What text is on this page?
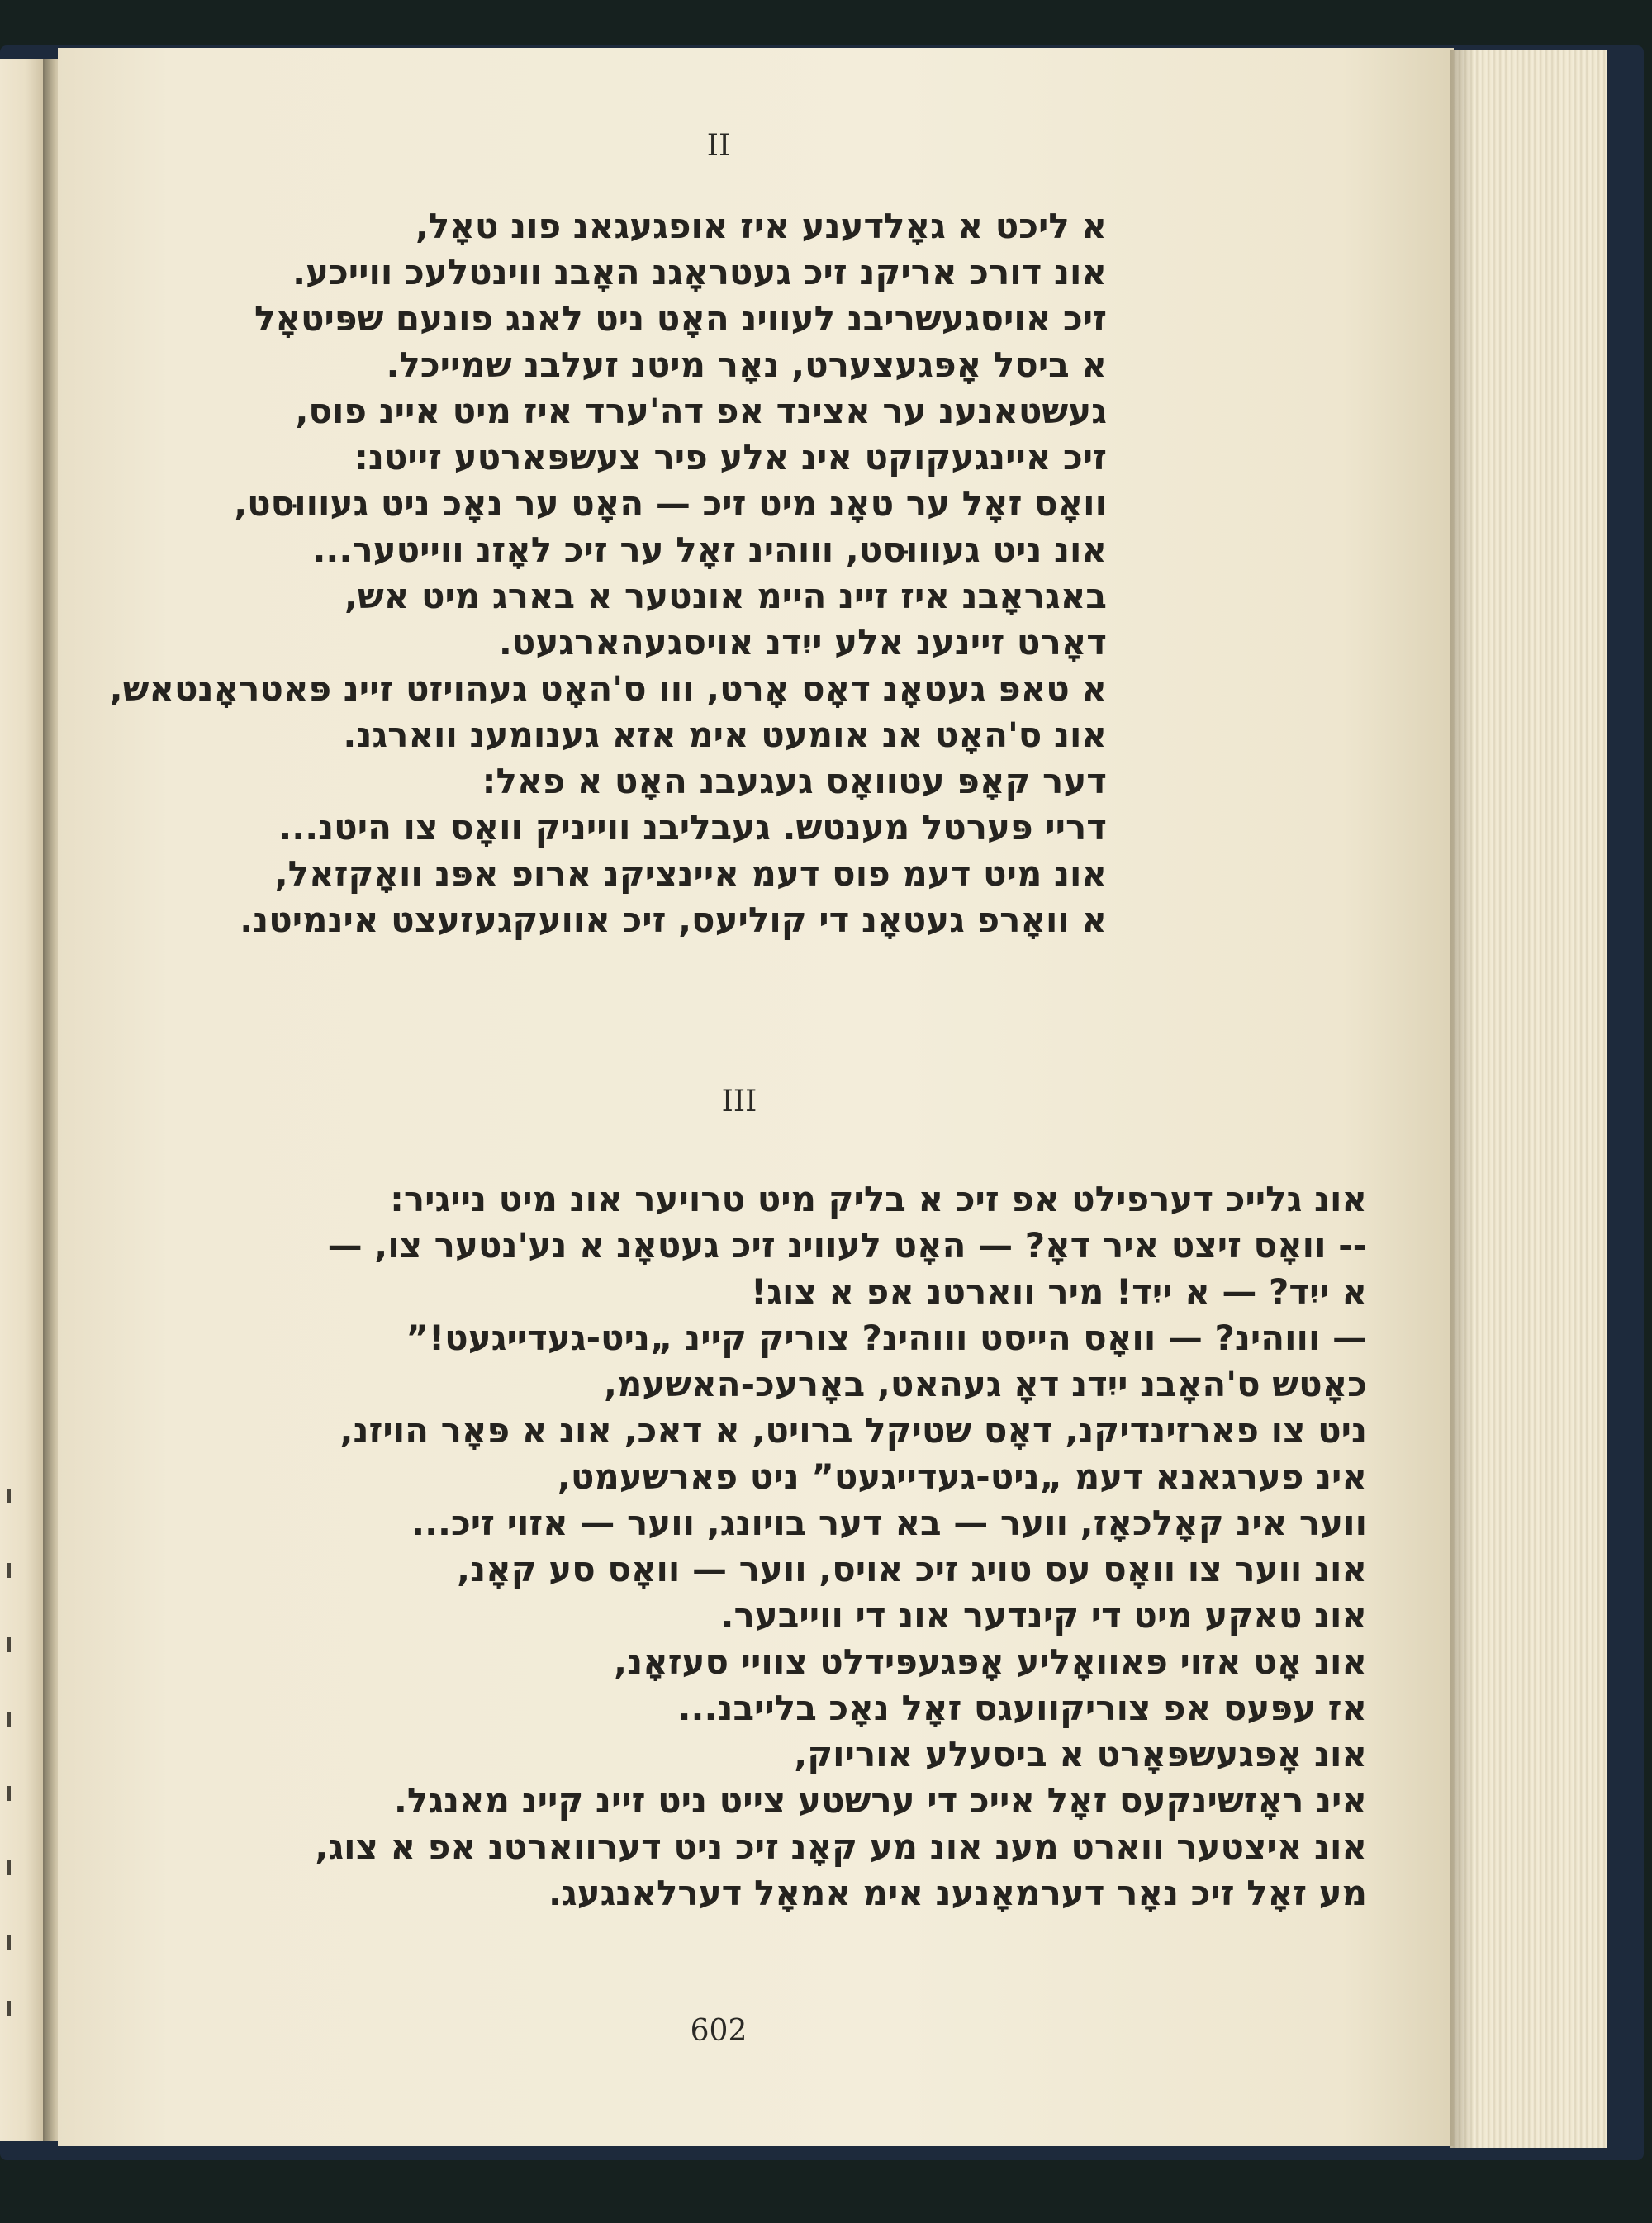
II
א ליכט א גאָלדענע איז אופגעגאנ פונ טאָל,
אונ דורכ אריקנ זיכ געטראָגנ האָבנ ווינטלעכ ווייכע.
זיכ אויסגעשריבנ לעווינ האָט ניט לאנג פונעם שפּיטאָל
א ביסל אָפּגעצערט, נאָר מיטנ זעלבנ שמייכל.
געשטאנענ ער אצינד אפ דה'ערד איז מיט איינ פוס,
זיכ איינגעקוקט אינ אלע פיר צעשפּארטע זייטנ:
וואָס זאָל ער טאָנ מיט זיכ — האָט ער נאָכ ניט געוווּסט,
אונ ניט געוווּסט, וווהינ זאָל ער זיכ לאָזנ ווייטער...
באגראָבנ איז זיינ היימ אונטער א בארג מיט אש,
דאָרט זיינענ אלע ייִדנ אויסגעהארגעט.
א טאפּ געטאָנ דאָס אָרט, ווו ס'האָט געהויזט זיינ פּאטראָנטאש,
אונ ס'האָט אנ אומעט אימ אזא גענומענ ווארגנ.
דער קאָפּ עטוואָס געגעבנ האָט א פאל:
דריי פּערטל מענטש. געבליבנ ווייניק וואָס צו היטנ...
אונ מיט דעמ פוס דעמ איינציקנ ארופ אפּנ וואָקזאל,
א וואָרפ געטאָנ די קוליעס, זיכ אוועקגעזעצט אינמיטנ.
III
אונ גלייכ דערפילט אפ זיכ א בליק מיט טרויער אונ מיט נייגיר:
-- וואָס זיצט איר דאָ? — האָט לעווינ זיכ געטאָנ א נע'נטער צו, —
א ייִד? — א ייִד! מיר ווארטנ אפ א צוג!
— וווהינ? — וואָס הייסט וווהינ? צוריק קיינ „ניט-געדייגעט!”
כאָטש ס'האָבנ ייִדנ דאָ געהאט, באָרעכ-האשעמ,
ניט צו פארזינדיקנ, דאָס שטיקל ברויט, א דאכ, אונ א פּאָר הויזנ,
אינ פערגאנא דעמ „ניט-געדייגעט” ניט פארשעמט,
ווער אינ קאָלכאָז, ווער — בא דער בויונג, ווער — אזוי זיכ...
אונ ווער צו וואָס עס טויג זיכ אויס, ווער — וואָס סע קאָנ,
אונ טאקע מיט די קינדער אונ די ווייבער.
אונ אָט אזוי פּאוואָליע אָפּגעפּידלט צוויי סעזאָנ,
אז עפּעס אפ צוריקוועגס זאָל נאָכ בלייבנ...
אונ אָפּגעשפּאָרט א ביסעלע אוריוק,
אינ ראָזשינקעס זאָל אייכ די ערשטע צייט ניט זיינ קיינ מאנגל.
אונ איצטער ווארט מענ אונ מע קאָנ זיכ ניט דערווארטנ אפ א צוג,
מע זאָל זיכ נאָר דערמאָנענ אימ אמאָל דערלאנגעג.
602
